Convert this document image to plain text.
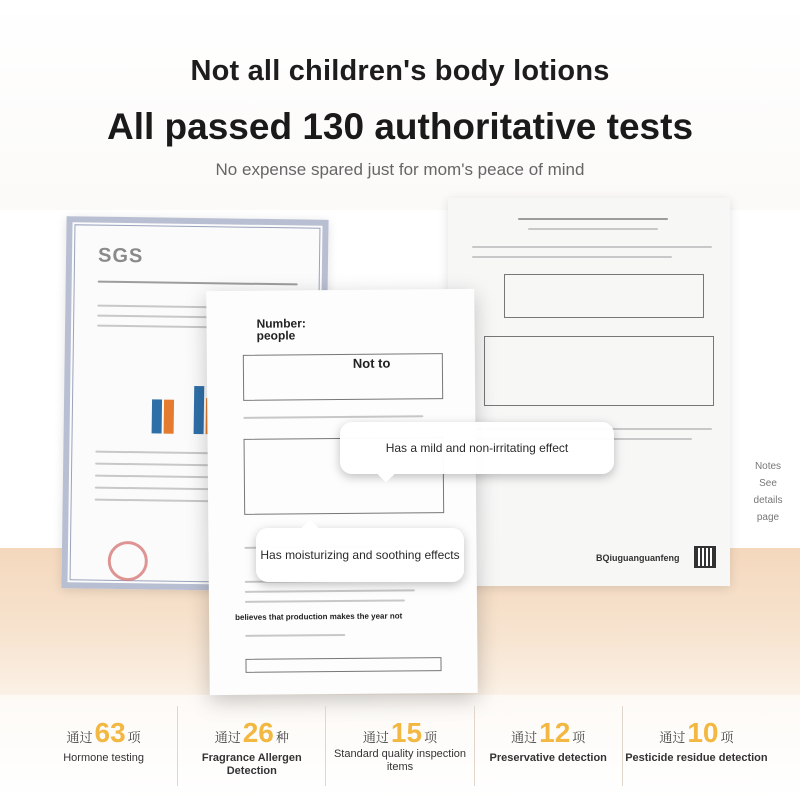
Not all children's body lotions
All passed 130 authoritative tests
No expense spared just for mom's peace of mind
SGS
BQiuguanguanfeng
Number:
people
Not to
believes that production makes the year not
Has a mild and non-irritating effect
Has moisturizing and soothing effects
Notes
See
details
page
通过 63 项
Hormone testing
通过 26 种
Fragrance Allergen Detection
通过 15 项
Standard quality inspection items
通过 12 项
Preservative detection
通过 10 项
Pesticide residue detection
